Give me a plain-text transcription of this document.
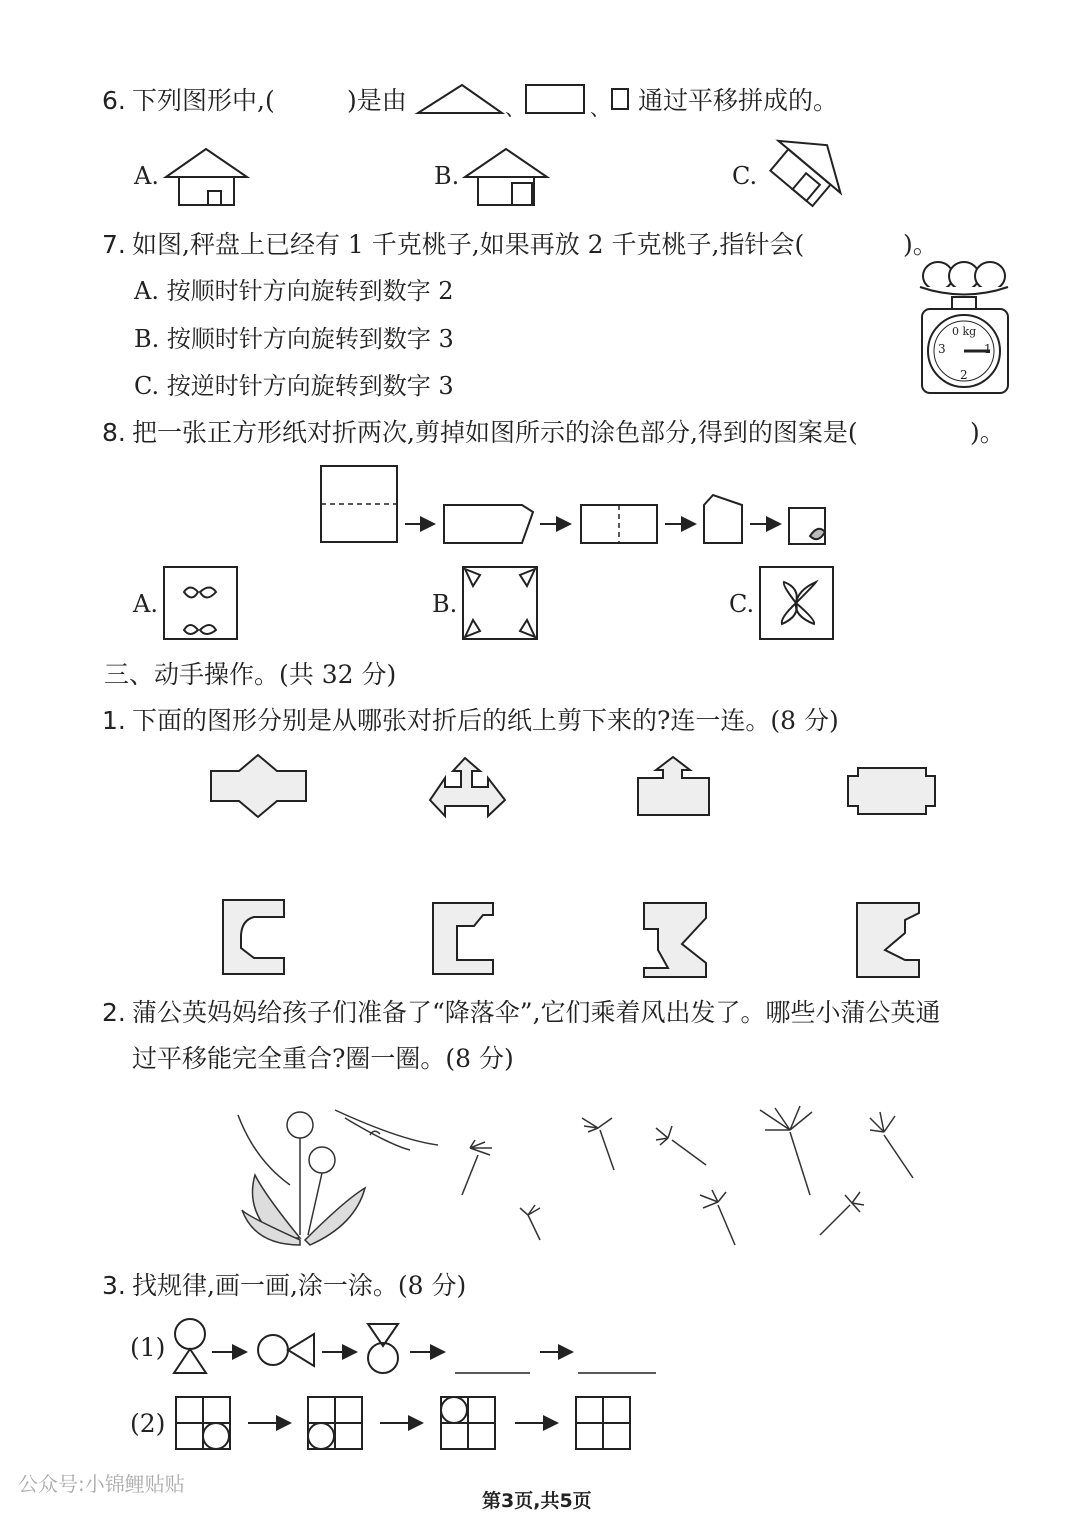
6. 下列图形中,(	)是由	、	、 通过平移拼成的。
A.	B.	C.
7. 如图,秤盘上已经有 1 千克桃子,如果再放 2 千克桃子,指针会(	)。
A. 按顺时针方向旋转到数字 2
B. 按顺时针方向旋转到数字 3
C. 按逆时针方向旋转到数字 3
0 kg
1
2
3
8. 把一张正方形纸对折两次,剪掉如图所示的涂色部分,得到的图案是(	)。
A.	B.	C.
三、动手操作。(共 32 分)
1. 下面的图形分别是从哪张对折后的纸上剪下来的?连一连。(8 分)
2. 蒲公英妈妈给孩子们准备了“降落伞”,它们乘着风出发了。哪些小蒲公英通
过平移能完全重合?圈一圈。(8 分)
3. 找规律,画一画,涂一涂。(8 分)
(1)
(2)
公众号:小锦鲤贴贴
第3页,共5页
